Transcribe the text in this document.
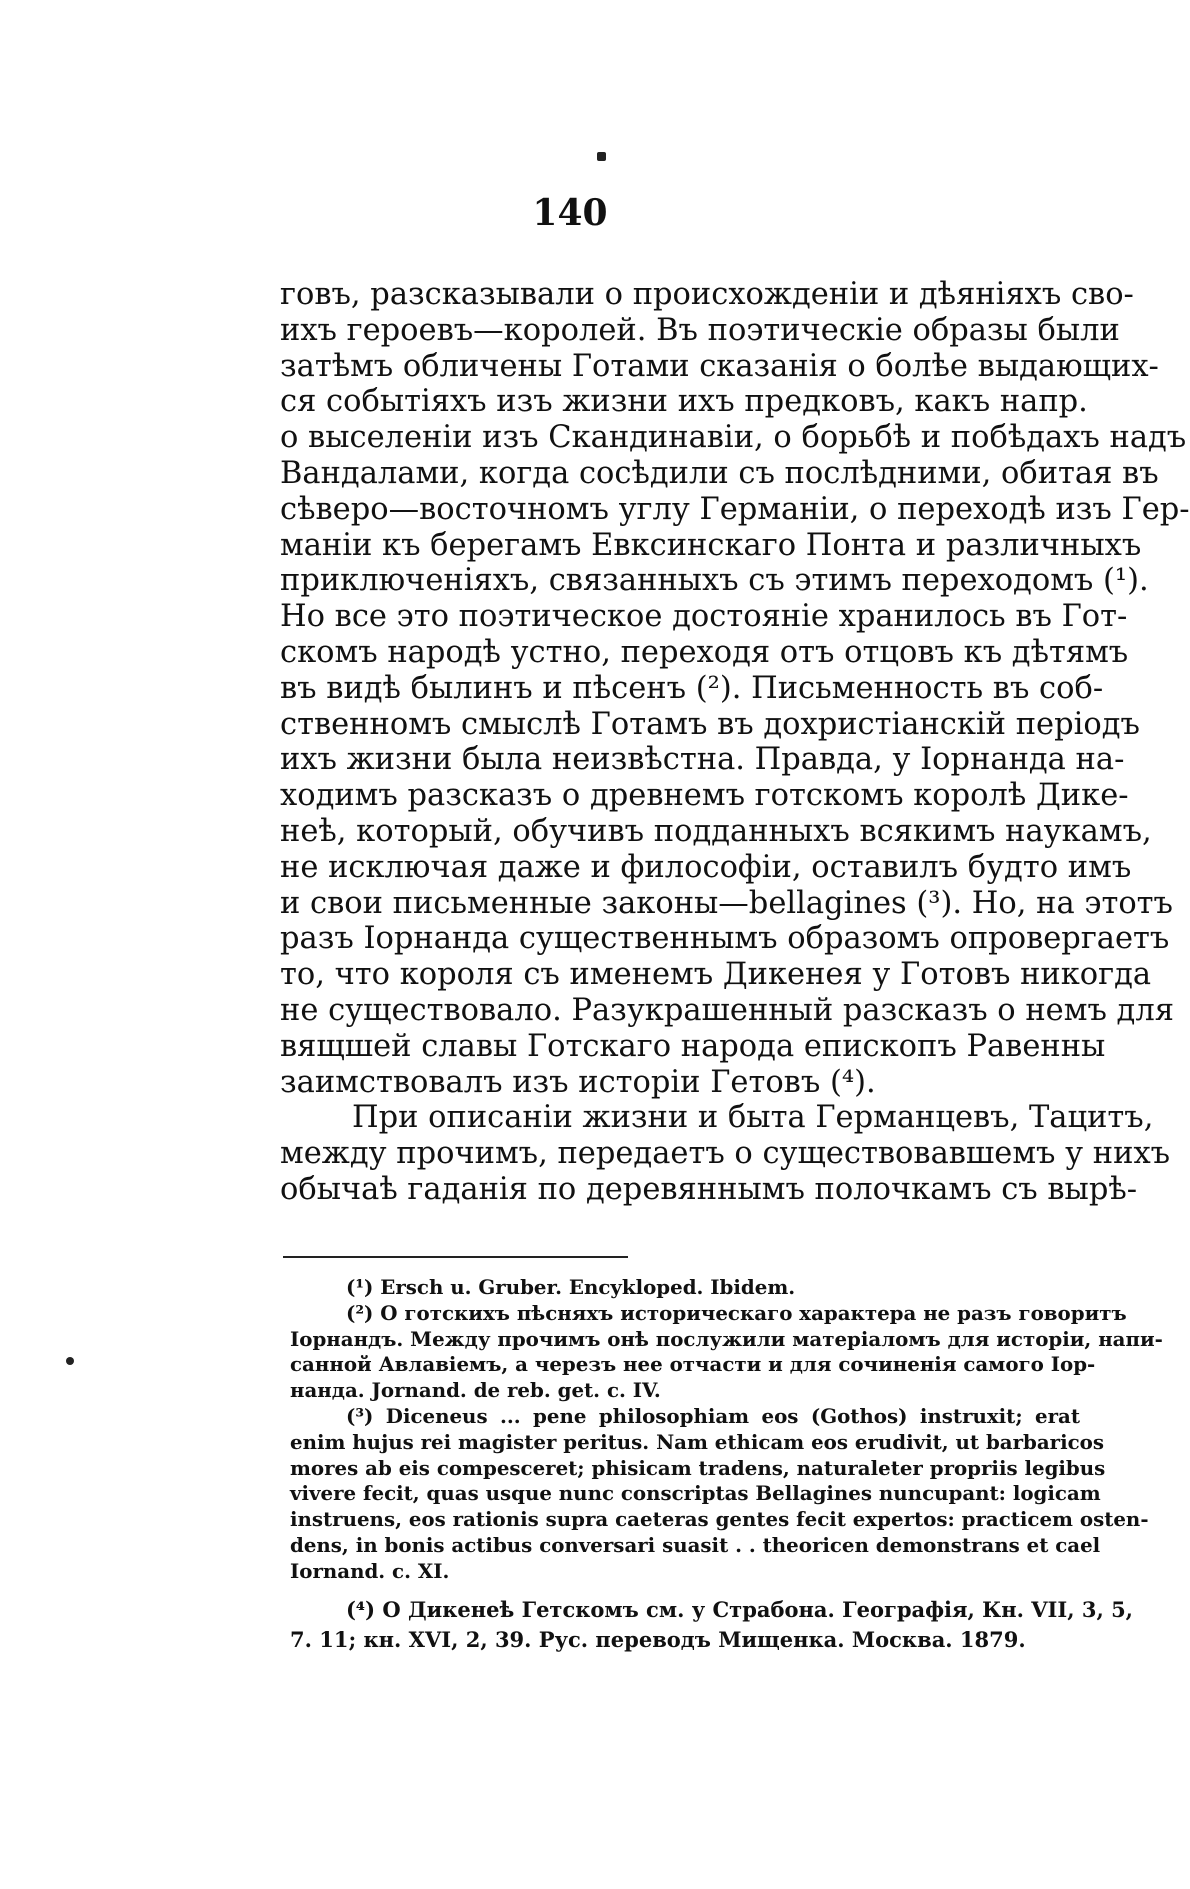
140
говъ, разсказывали о происхожденіи и дѣяніяхъ сво-
ихъ героевъ—королей. Въ поэтическіе образы были
затѣмъ обличены Готами сказанія о болѣе выдающих-
ся событіяхъ изъ жизни ихъ предковъ, какъ напр.
о выселеніи изъ Скандинавіи, о борьбѣ и побѣдахъ надъ
Вандалами, когда сосѣдили съ послѣдними, обитая въ
сѣверо—восточномъ углу Германіи, о переходѣ изъ Гер-
маніи къ берегамъ Евксинскаго Понта и различныхъ
приключеніяхъ, связанныхъ съ этимъ переходомъ (¹).
Но все это поэтическое достояніе хранилось въ Гот-
скомъ народѣ устно, переходя отъ отцовъ къ дѣтямъ
въ видѣ былинъ и пѣсенъ (²). Письменность въ соб-
ственномъ смыслѣ Готамъ въ дохристіанскій періодъ
ихъ жизни была неизвѣстна. Правда, у Іорнанда на-
ходимъ разсказъ о древнемъ готскомъ королѣ Дике-
неѣ, который, обучивъ подданныхъ всякимъ наукамъ,
не исключая даже и философіи, оставилъ будто имъ
и свои письменные законы—bellagines (³). Но, на этотъ
разъ Іорнанда существеннымъ образомъ опровергаетъ
то, что короля съ именемъ Дикенея у Готовъ никогда
не существовало. Разукрашенный разсказъ о немъ для
вящшей славы Готскаго народа епископъ Равенны
заимствовалъ изъ исторіи Гетовъ (⁴).
При описаніи жизни и быта Германцевъ, Тацитъ,
между прочимъ, передаетъ о существовавшемъ у нихъ
обычаѣ гаданія по деревяннымъ полочкамъ съ вырѣ-
(¹) Ersch u. Gruber. Encykloped. Ibidem.
(²) О готскихъ пѣсняхъ историческаго характера не разъ говоритъ
Іорнандъ. Между прочимъ онѣ послужили матеріаломъ для исторіи, напи-
санной Авлавіемъ, а черезъ нее отчасти и для сочиненія самого Іор-
нанда. Jornand. de reb. get. c. IV.
(³) Diceneus ... pene philosophiam eos (Gothos) instruxit; erat
enim hujus rei magister peritus. Nam ethicam eos erudivit, ut barbaricos
mores ab eis compesceret; phisicam tradens, naturaleter propriis legibus
vivere fecit, quas usque nunc conscriptas Bellagines nuncupant: logicam
instruens, eos rationis supra caeteras gentes fecit expertos: practicem osten-
dens, in bonis actibus conversari suasit . . theoricen demonstrans et cael
Iornand. c. XI.
(⁴) О Дикенеѣ Гетскомъ см. у Страбона. Географія, Кн. VII, 3, 5,
7. 11; кн. XVI, 2, 39. Рус. переводъ Мищенка. Москва. 1879.
